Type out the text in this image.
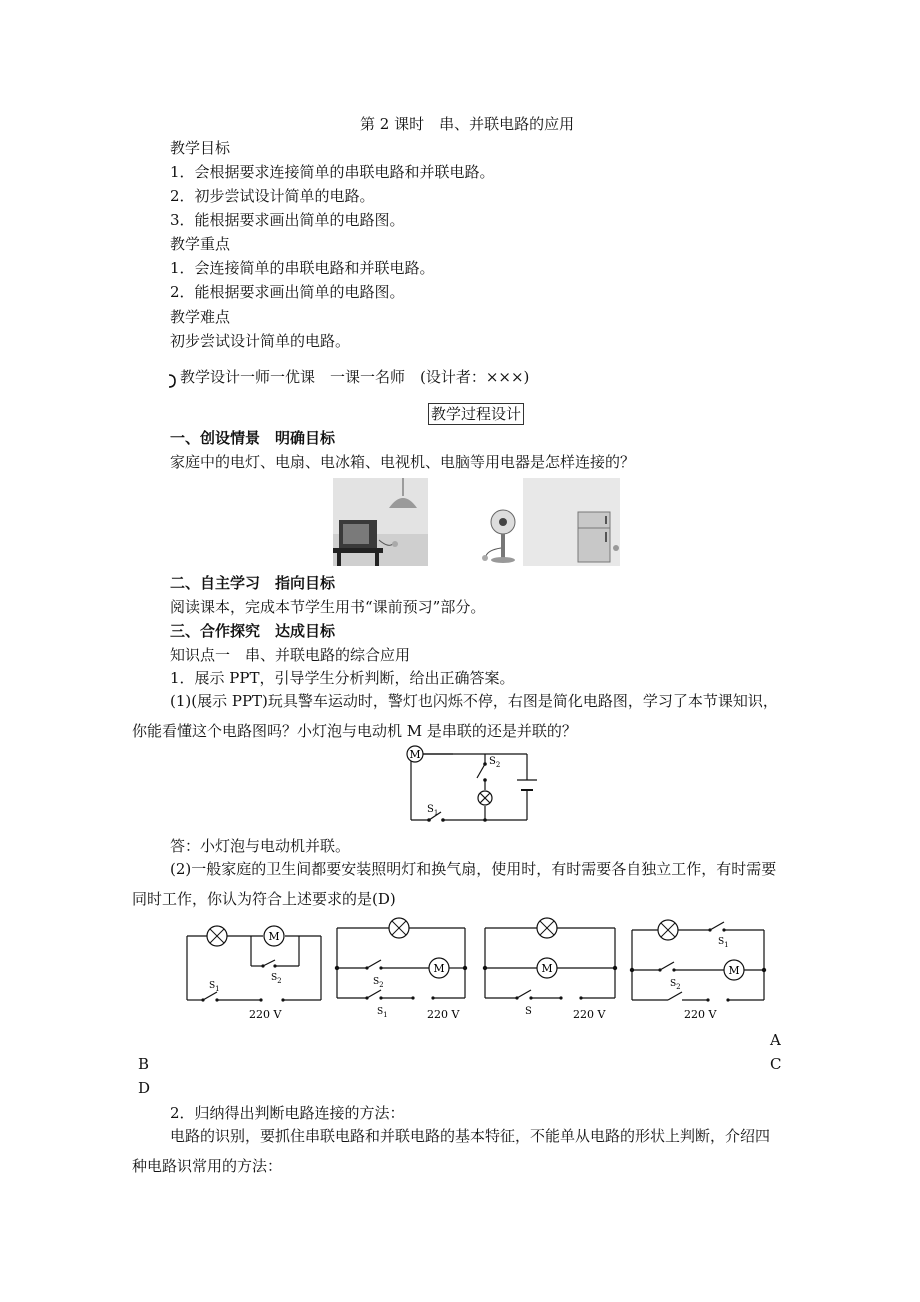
第 2 课时　串、并联电路的应用
教学目标
1．会根据要求连接简单的串联电路和并联电路。
2．初步尝试设计简单的电路。
3．能根据要求画出简单的电路图。
教学重点
1．会连接简单的串联电路和并联电路。
2．能根据要求画出简单的电路图。
教学难点
初步尝试设计简单的电路。
教学设计一师一优课　一课一名师　(设计者：×××)
教学过程设计
一、创设情景　明确目标
家庭中的电灯、电扇、电冰箱、电视机、电脑等用电器是怎样连接的？
二、自主学习　指向目标
阅读课本，完成本节学生用书“课前预习”部分。
三、合作探究　达成目标
知识点一　串、并联电路的综合应用
1．展示 PPT，引导学生分析判断，给出正确答案。
(1)(展示 PPT)玩具警车运动时，警灯也闪烁不停，右图是简化电路图，学习了本节课知识，你能看懂这个电路图吗？小灯泡与电动机 M 是串联的还是并联的？
M
$S_2$
$S_1$
答：小灯泡与电动机并联。
(2)一般家庭的卫生间都要安装照明灯和换气扇，使用时，有时需要各自独立工作，有时需要同时工作，你认为符合上述要求的是(D)
M
$S_2$
$S_1$
220 V
M
$S_2$
$S_1$	220 V
M
S	220 V
M
$S_1$
$S_2$
220 V
A
B	C
D
2．归纳得出判断电路连接的方法：
电路的识别，要抓住串联电路和并联电路的基本特征，不能单从电路的形状上判断，介绍四种电路识常用的方法：
